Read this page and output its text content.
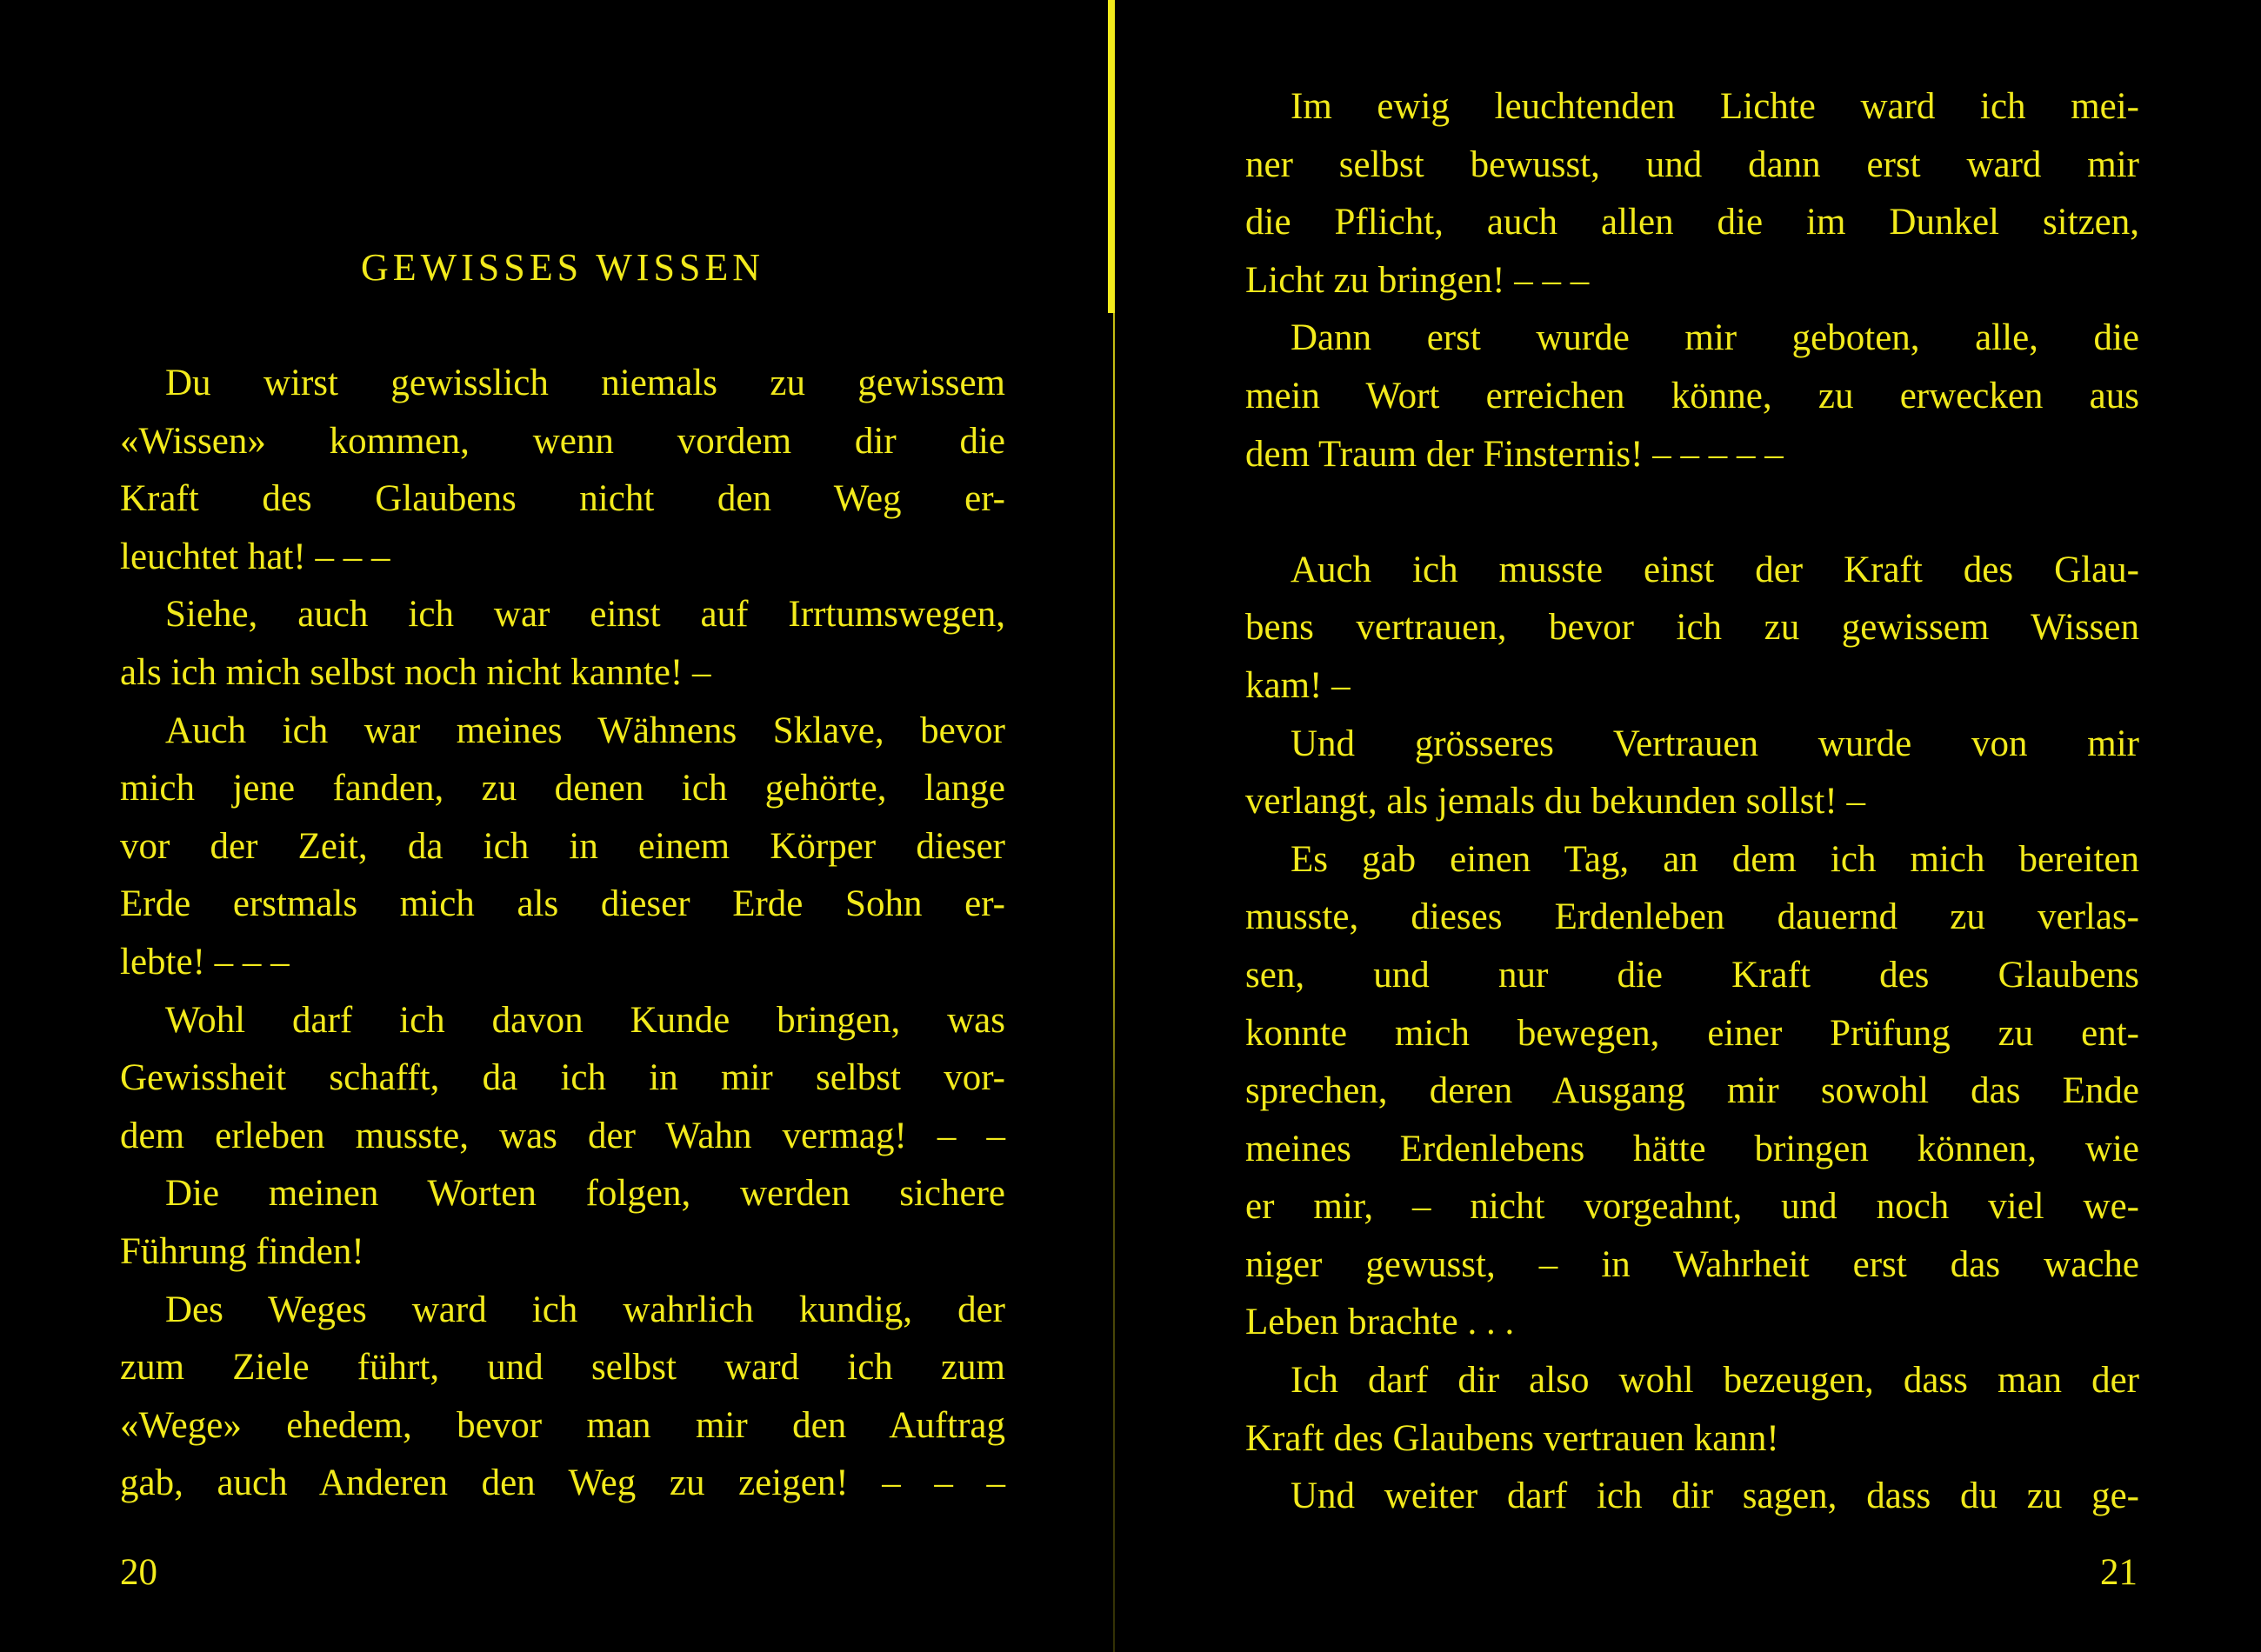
GEWISSES WISSEN
Du wirst gewisslich niemals zu gewissem
«Wissen» kommen, wenn vordem dir die
Kraft des Glaubens nicht den Weg er-
leuchtet hat! – – –
Siehe, auch ich war einst auf Irrtumswegen,
als ich mich selbst noch nicht kannte! –
Auch ich war meines Wähnens Sklave, bevor
mich jene fanden, zu denen ich gehörte, lange
vor der Zeit, da ich in einem Körper dieser
Erde erstmals mich als dieser Erde Sohn er-
lebte! – – –
Wohl darf ich davon Kunde bringen, was
Gewissheit schafft, da ich in mir selbst vor-
dem erleben musste, was der Wahn vermag! – –
Die meinen Worten folgen, werden sichere
Führung finden!
Des Weges ward ich wahrlich kundig, der
zum Ziele führt, und selbst ward ich zum
«Wege» ehedem, bevor man mir den Auftrag
gab, auch Anderen den Weg zu zeigen! – – –
20
Im ewig leuchtenden Lichte ward ich mei-
ner selbst bewusst, und dann erst ward mir
die Pflicht, auch allen die im Dunkel sitzen,
Licht zu bringen! – – –
Dann erst wurde mir geboten, alle, die
mein Wort erreichen könne, zu erwecken aus
dem Traum der Finsternis! – – – – –
Auch ich musste einst der Kraft des Glau-
bens vertrauen, bevor ich zu gewissem Wissen
kam! –
Und grösseres Vertrauen wurde von mir
verlangt, als jemals du bekunden sollst! –
Es gab einen Tag, an dem ich mich bereiten
musste, dieses Erdenleben dauernd zu verlas-
sen, und nur die Kraft des Glaubens
konnte mich bewegen, einer Prüfung zu ent-
sprechen, deren Ausgang mir sowohl das Ende
meines Erdenlebens hätte bringen können, wie
er mir, – nicht vorgeahnt, und noch viel we-
niger gewusst, – in Wahrheit erst das wache
Leben brachte . . .
Ich darf dir also wohl bezeugen, dass man der
Kraft des Glaubens vertrauen kann!
Und weiter darf ich dir sagen, dass du zu ge-
21
